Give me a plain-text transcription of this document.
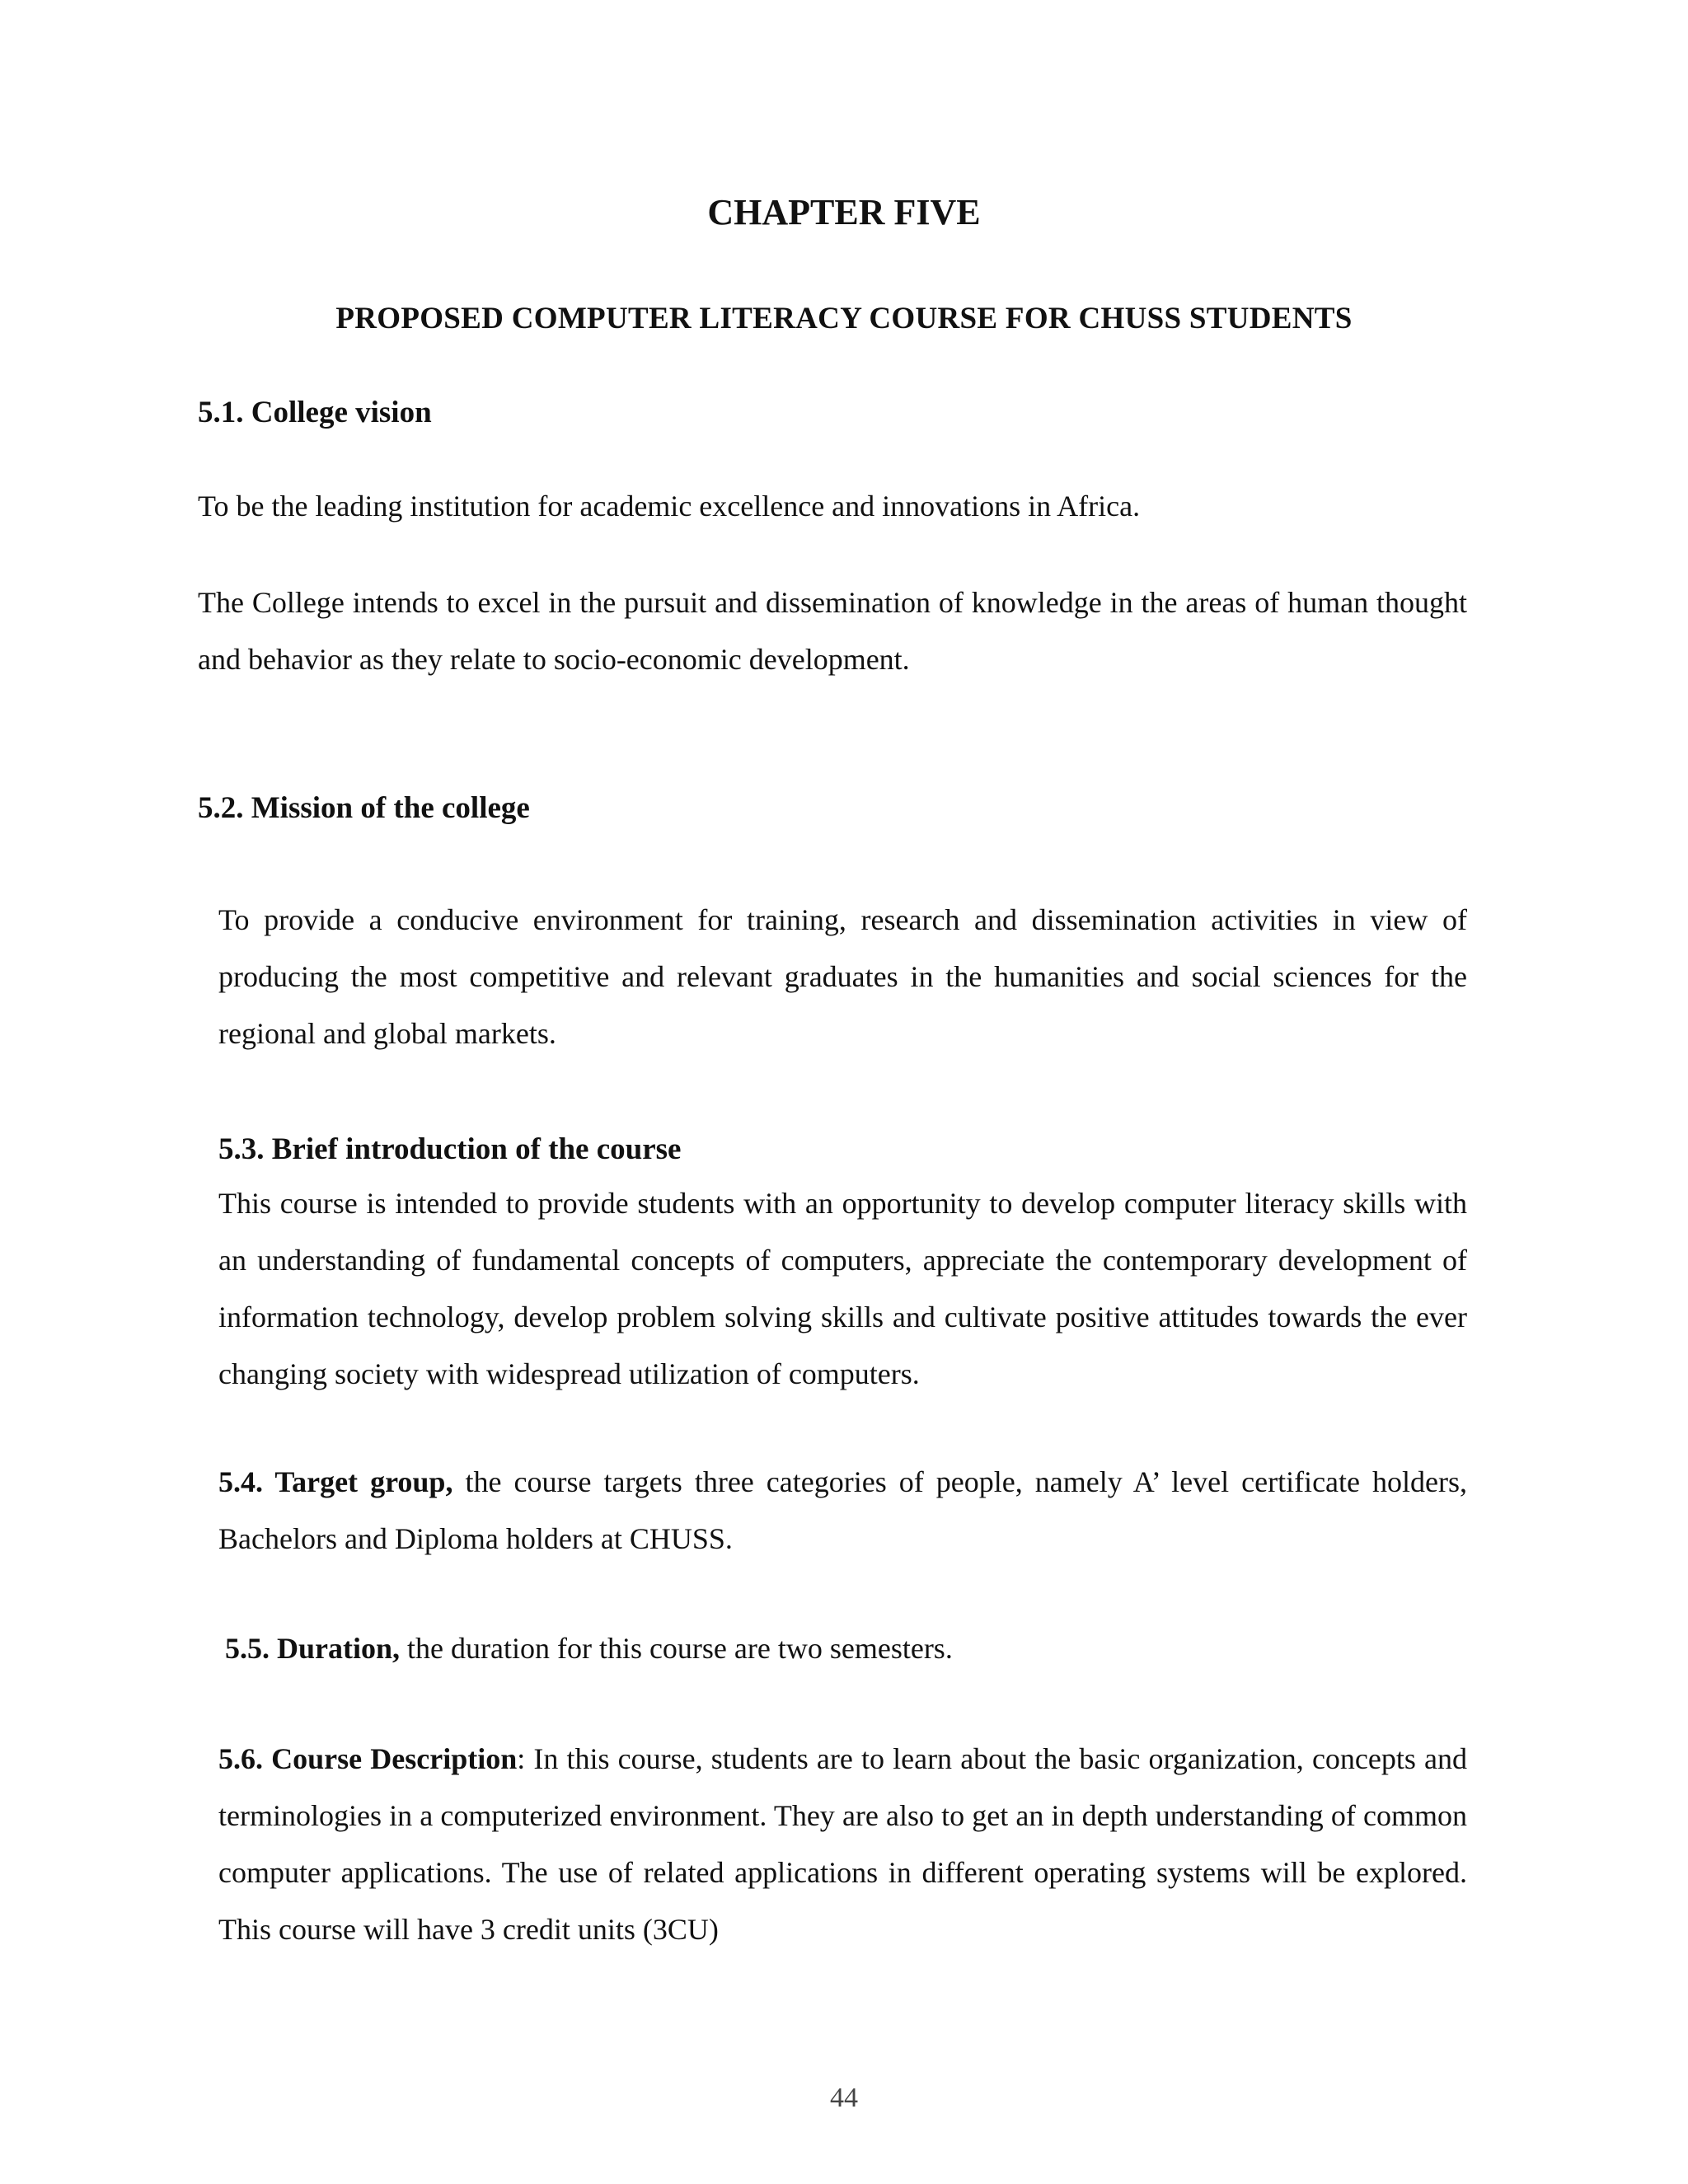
CHAPTER FIVE
PROPOSED COMPUTER LITERACY COURSE FOR CHUSS STUDENTS
5.1. College vision

To be the leading institution for academic excellence and innovations in Africa.

The College intends to excel in the pursuit and dissemination of knowledge in the areas of human thought and behavior as they relate to socio-economic development.

5.2. Mission of the college

To provide a conducive environment for training, research and dissemination activities in view of producing the most competitive and relevant graduates in the humanities and social sciences for the regional and global markets.

5.3. Brief introduction of the course

This course is intended to provide students with an opportunity to develop computer literacy skills with an understanding of fundamental concepts of computers, appreciate the contemporary development of information technology, develop problem solving skills and cultivate positive attitudes towards the ever changing society with widespread utilization of computers.

5.4. Target group, the course targets three categories of people, namely A’ level certificate holders, Bachelors and Diploma holders at CHUSS.

5.5. Duration, the duration for this course are two semesters.

5.6. Course Description: In this course, students are to learn about the basic organization, concepts and terminologies in a computerized environment. They are also to get an in depth understanding of common computer applications. The use of related applications in different operating systems will be explored. This course will have 3 credit units (3CU)

44
